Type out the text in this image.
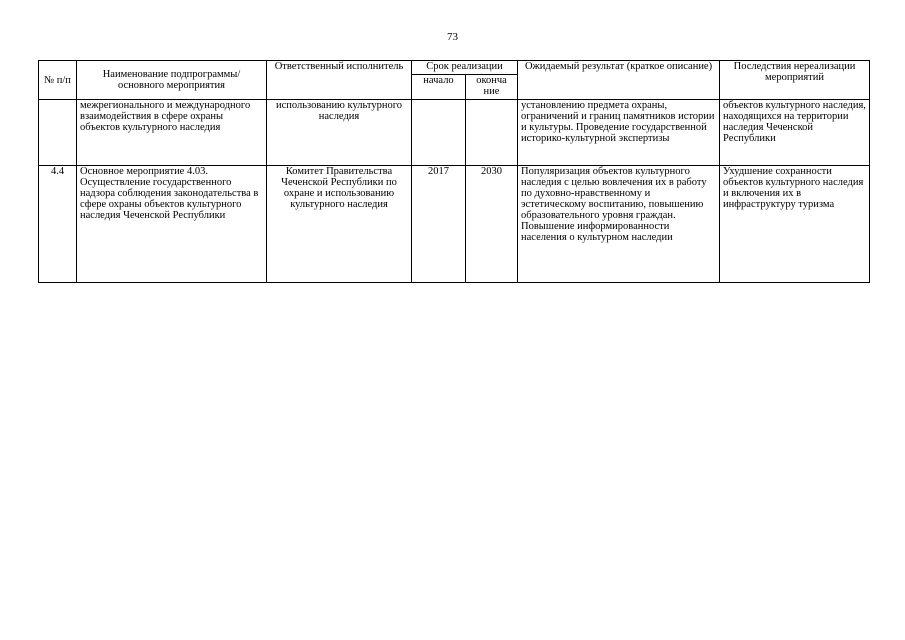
73
№ п/п	Наименование подпрограммы/ основного мероприятия	Ответственный исполнитель	Срок реализации		Ожидаемый результат (краткое описание)	Последствия нереализации мероприятий
			начало	оконча ние		
	межрегионального и международного взаимодействия в сфере охраны объектов культурного наследия	использованию культурного наследия			установлению предмета охраны, ограничений и границ памятников истории и культуры. Проведение государственной историко-культурной экспертизы	объектов культурного наследия, находящихся на территории наследия Чеченской Республики
4.4	Основное мероприятие 4.03. Осуществление государственного надзора соблюдения законодательства в сфере охраны объектов культурного наследия Чеченской Республики	Комитет Правительства Чеченской Республики по охране и использованию культурного наследия	2017	2030	Популяризация объектов культурного наследия с целью вовлечения их в работу по духовно-нравственному и эстетическому воспитанию, повышению образовательного уровня граждан. Повышение информированности населения о культурном наследии	Ухудшение сохранности объектов культурного наследия и включения их в инфраструктуру туризма
